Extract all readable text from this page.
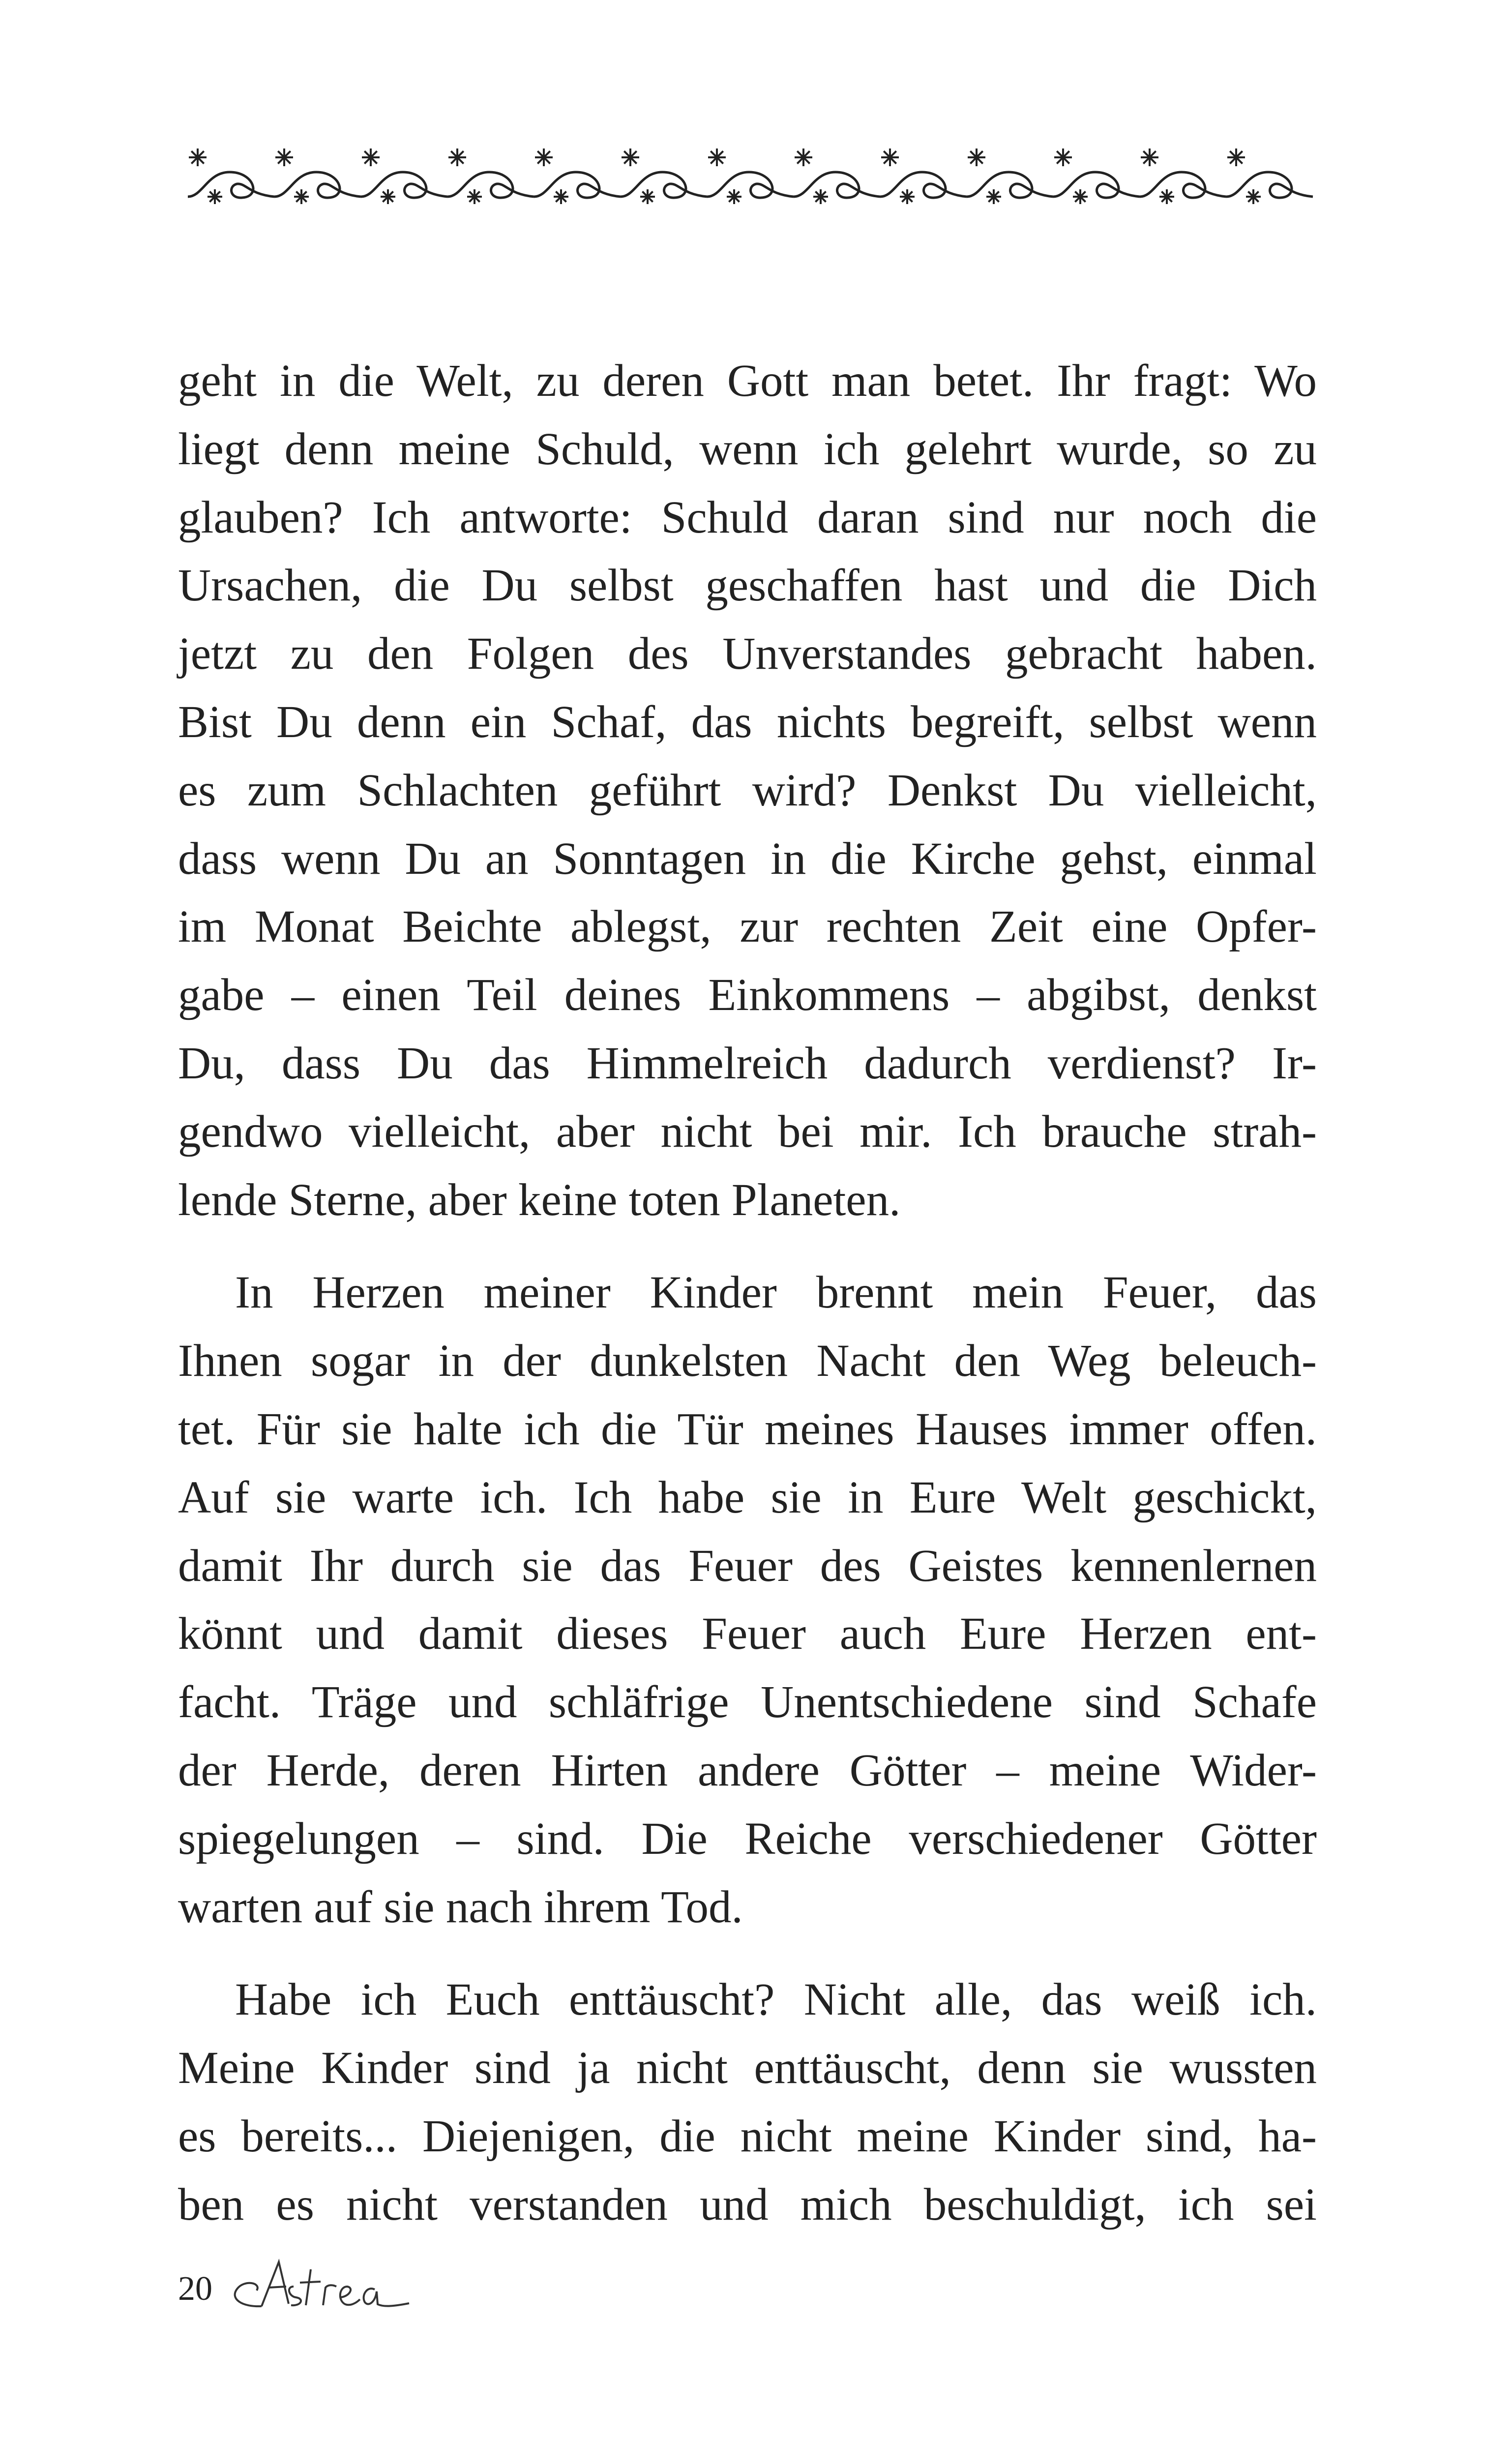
geht in die Welt, zu deren Gott man betet. Ihr fragt: Wo
liegt denn meine Schuld, wenn ich gelehrt wurde, so zu
glauben? Ich antworte: Schuld daran sind nur noch die
Ursachen, die Du selbst geschaffen hast und die Dich
jetzt zu den Folgen des Unverstandes gebracht haben.
Bist Du denn ein Schaf, das nichts begreift, selbst wenn
es zum Schlachten geführt wird? Denkst Du vielleicht,
dass wenn Du an Sonntagen in die Kirche gehst, einmal
im Monat Beichte ablegst, zur rechten Zeit eine Opfer-
gabe – einen Teil deines Einkommens – abgibst, denkst
Du, dass Du das Himmelreich dadurch verdienst? Ir-
gendwo vielleicht, aber nicht bei mir. Ich brauche strah-
lende Sterne, aber keine toten Planeten.

In Herzen meiner Kinder brennt mein Feuer, das
Ihnen sogar in der dunkelsten Nacht den Weg beleuch-
tet. Für sie halte ich die Tür meines Hauses immer offen.
Auf sie warte ich. Ich habe sie in Eure Welt geschickt,
damit Ihr durch sie das Feuer des Geistes kennenlernen
könnt und damit dieses Feuer auch Eure Herzen ent-
facht. Träge und schläfrige Unentschiedene sind Schafe
der Herde, deren Hirten andere Götter – meine Wider-
spiegelungen – sind. Die Reiche verschiedener Götter
warten auf sie nach ihrem Tod.

Habe ich Euch enttäuscht? Nicht alle, das weiß ich.
Meine Kinder sind ja nicht enttäuscht, denn sie wussten
es bereits... Diejenigen, die nicht meine Kinder sind, ha-
ben es nicht verstanden und mich beschuldigt, ich sei

20
